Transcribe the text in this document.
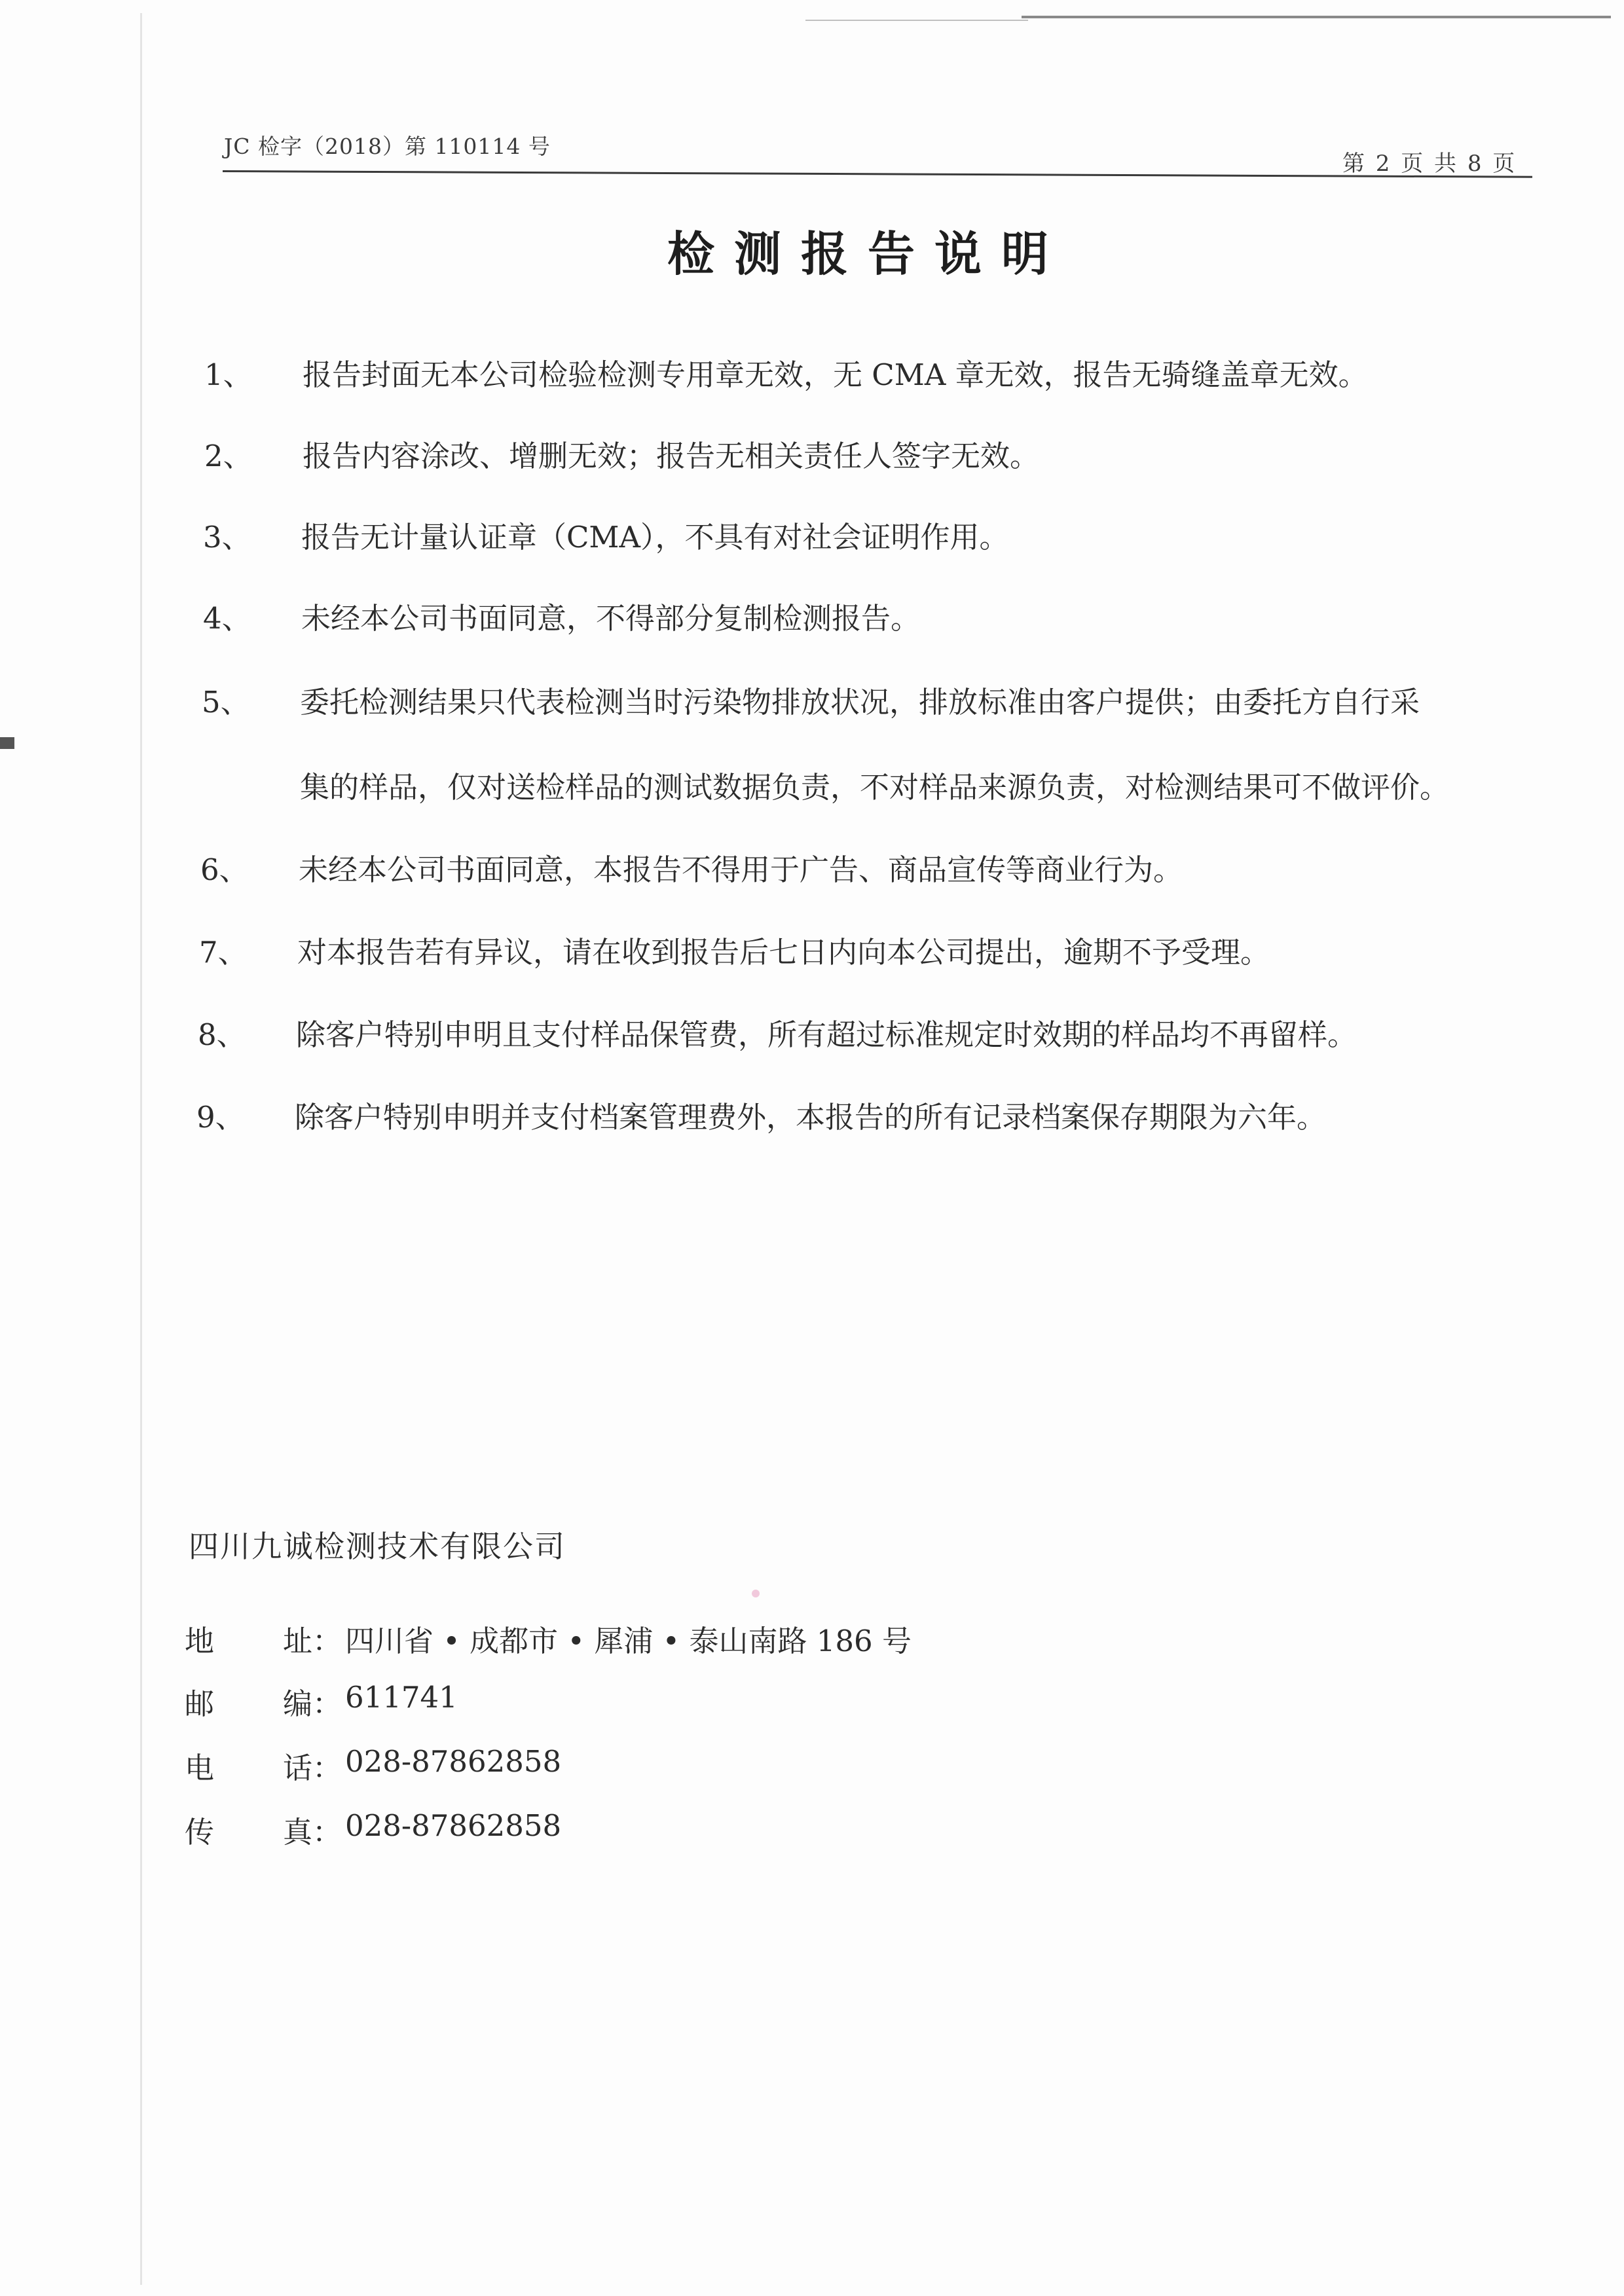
JC 检字（2018）第 110114 号
第 2 页 共 8 页
检测报告说明
1、 报告封面无本公司检验检测专用章无效，无 CMA 章无效，报告无骑缝盖章无效。
2、 报告内容涂改、增删无效；报告无相关责任人签字无效。
3、 报告无计量认证章（CMA），不具有对社会证明作用。
4、 未经本公司书面同意，不得部分复制检测报告。
5、 委托检测结果只代表检测当时污染物排放状况，排放标准由客户提供；由委托方自行采
集的样品，仅对送检样品的测试数据负责，不对样品来源负责，对检测结果可不做评价。
6、 未经本公司书面同意，本报告不得用于广告、商品宣传等商业行为。
7、 对本报告若有异议，请在收到报告后七日内向本公司提出，逾期不予受理。
8、 除客户特别申明且支付样品保管费，所有超过标准规定时效期的样品均不再留样。
9、 除客户特别申明并支付档案管理费外，本报告的所有记录档案保存期限为六年。
四川九诚检测技术有限公司
地 址： 四川省 • 成都市 • 犀浦 • 泰山南路 186 号
邮 编： 611741
电 话： 028-87862858
传 真： 028-87862858
